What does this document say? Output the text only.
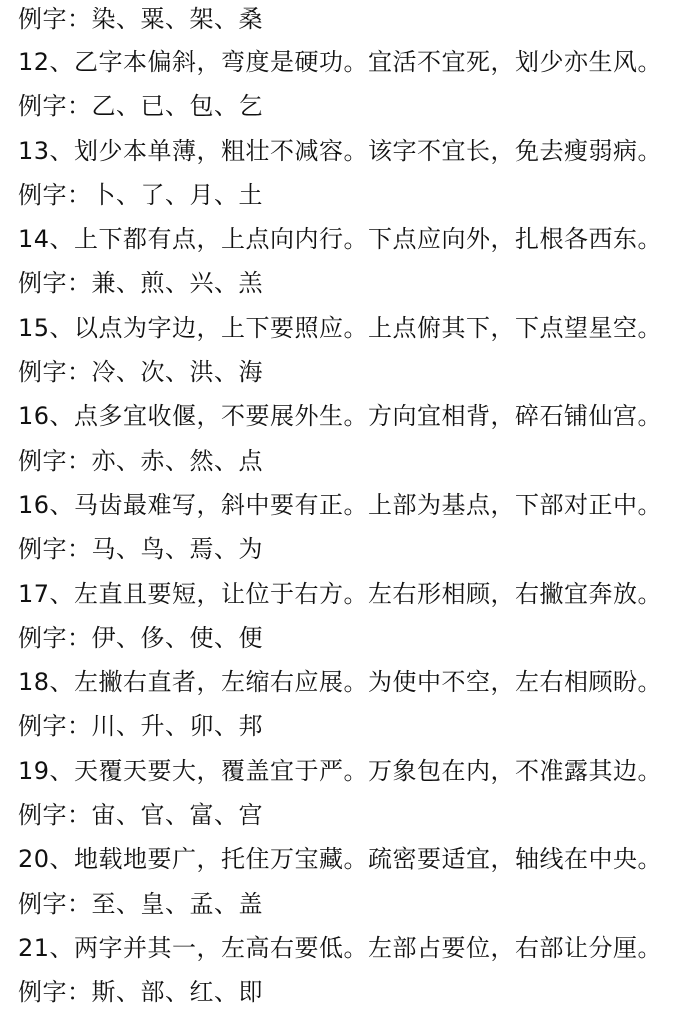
例字：染、粟、架、桑
12、乙字本偏斜，弯度是硬功。宜活不宜死，划少亦生风。
例字：乙、已、包、乞
13、划少本单薄，粗壮不减容。该字不宜长，免去瘦弱病。
例字：卜、了、月、土
14、上下都有点，上点向内行。下点应向外，扎根各西东。
例字：兼、煎、兴、羔
15、以点为字边，上下要照应。上点俯其下，下点望星空。
例字：冷、次、洪、海
16、点多宜收偃，不要展外生。方向宜相背，碎石铺仙宫。
例字：亦、赤、然、点
16、马齿最难写，斜中要有正。上部为基点，下部对正中。
例字：马、鸟、焉、为
17、左直且要短，让位于右方。左右形相顾，右撇宜奔放。
例字：伊、侈、使、便
18、左撇右直者，左缩右应展。为使中不空，左右相顾盼。
例字：川、升、卯、邦
19、天覆天要大，覆盖宜于严。万象包在内，不准露其边。
例字：宙、官、富、宫
20、地载地要广，托住万宝藏。疏密要适宜，轴线在中央。
例字：至、皇、孟、盖
21、两字并其一，左高右要低。左部占要位，右部让分厘。
例字：斯、部、红、即
